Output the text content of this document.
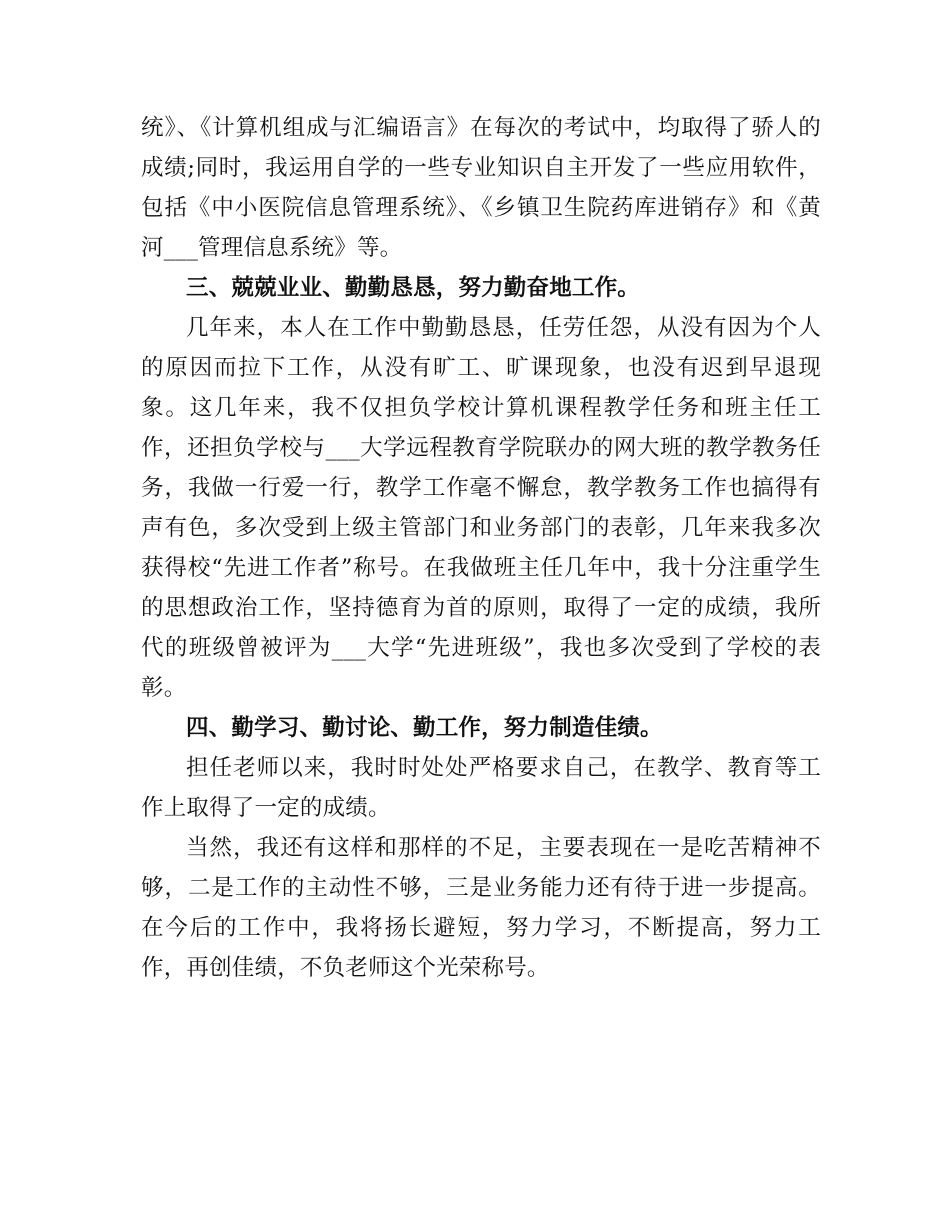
统》、《计算机组成与汇编语言》在每次的考试中，均取得了骄人的成绩;同时，我运用自学的一些专业知识自主开发了一些应用软件，包括《中小医院信息管理系统》、《乡镇卫生院药库进销存》和《黄河___管理信息系统》等。

三、兢兢业业、勤勤恳恳，努力勤奋地工作。

几年来，本人在工作中勤勤恳恳，任劳任怨，从没有因为个人的原因而拉下工作，从没有旷工、旷课现象，也没有迟到早退现象。这几年来，我不仅担负学校计算机课程教学任务和班主任工作，还担负学校与___大学远程教育学院联办的网大班的教学教务任务，我做一行爱一行，教学工作毫不懈怠，教学教务工作也搞得有声有色，多次受到上级主管部门和业务部门的表彰，几年来我多次获得校“先进工作者”称号。在我做班主任几年中，我十分注重学生的思想政治工作，坚持德育为首的原则，取得了一定的成绩，我所代的班级曾被评为___大学“先进班级”，我也多次受到了学校的表彰。

四、勤学习、勤讨论、勤工作，努力制造佳绩。

担任老师以来，我时时处处严格要求自己，在教学、教育等工作上取得了一定的成绩。

当然，我还有这样和那样的不足，主要表现在一是吃苦精神不够，二是工作的主动性不够，三是业务能力还有待于进一步提高。在今后的工作中，我将扬长避短，努力学习，不断提高，努力工作，再创佳绩，不负老师这个光荣称号。
